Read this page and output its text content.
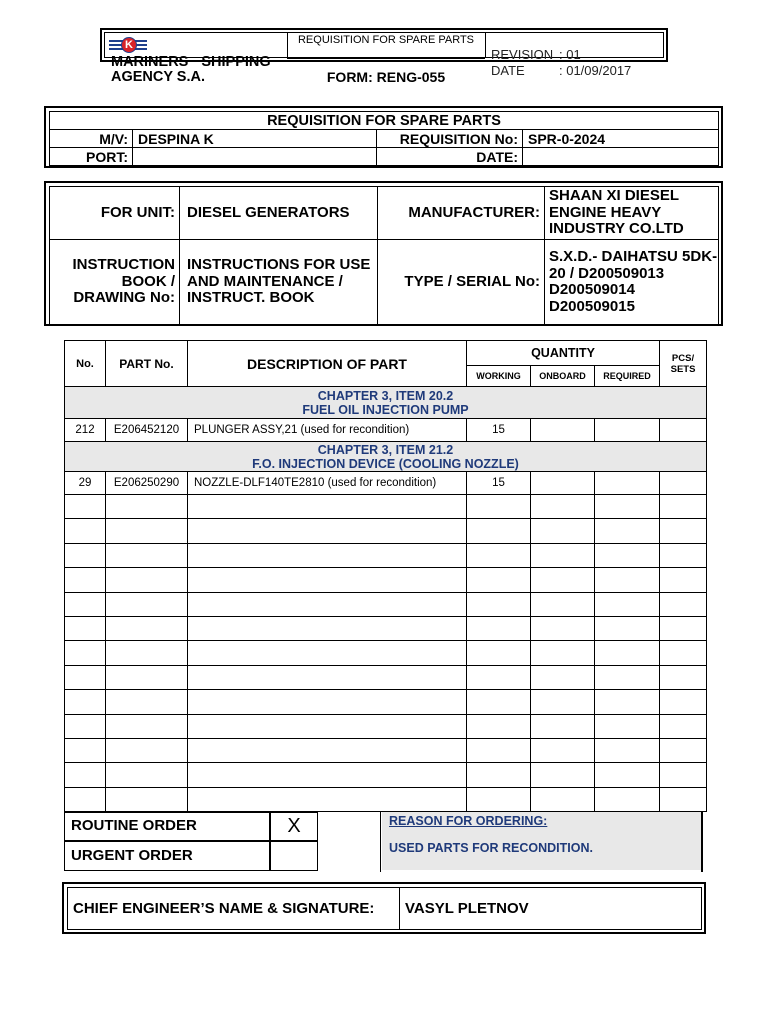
K
MARINERS SHIPPING
AGENCY S.A.
REQUISITION FOR SPARE PARTS
FORM: RENG-055
REVISION : 01
DATE	: 01/09/2017
REQUISITION FOR SPARE PARTS			
M/V:	DESPINA K	REQUISITION No:	SPR-0-2024
PORT:		DATE:	
FOR UNIT:	DIESEL GENERATORS	MANUFACTURER:	SHAAN XI DIESEL ENGINE HEAVY INDUSTRY CO.LTD
INSTRUCTION BOOK / DRAWING No:	INSTRUCTIONS FOR USE AND MAINTENANCE / INSTRUCT. BOOK	TYPE / SERIAL No:	S.X.D.- DAIHATSU 5DK-20 / D200509013 D200509014 D200509015
No.	PART No.	DESCRIPTION OF PART	QUANTITY			PCS/ SETS
			WORKING	ONBOARD	REQUIRED	

CHAPTER 3, ITEM 20.2
FUEL OIL INJECTION PUMP						

212	E206452120	PLUNGER ASSY,21 (used for recondition)	15			

CHAPTER 3, ITEM 21.2
F.O. INJECTION DEVICE (COOLING NOZZLE)						

29	E206250290	NOZZLE-DLF140TE2810 (used for recondition)	15			

ROUTINE ORDER	X
URGENT ORDER
REASON FOR ORDERING:
USED PARTS FOR RECONDITION.
CHIEF ENGINEER’S NAME & SIGNATURE:	VASYL PLETNOV
